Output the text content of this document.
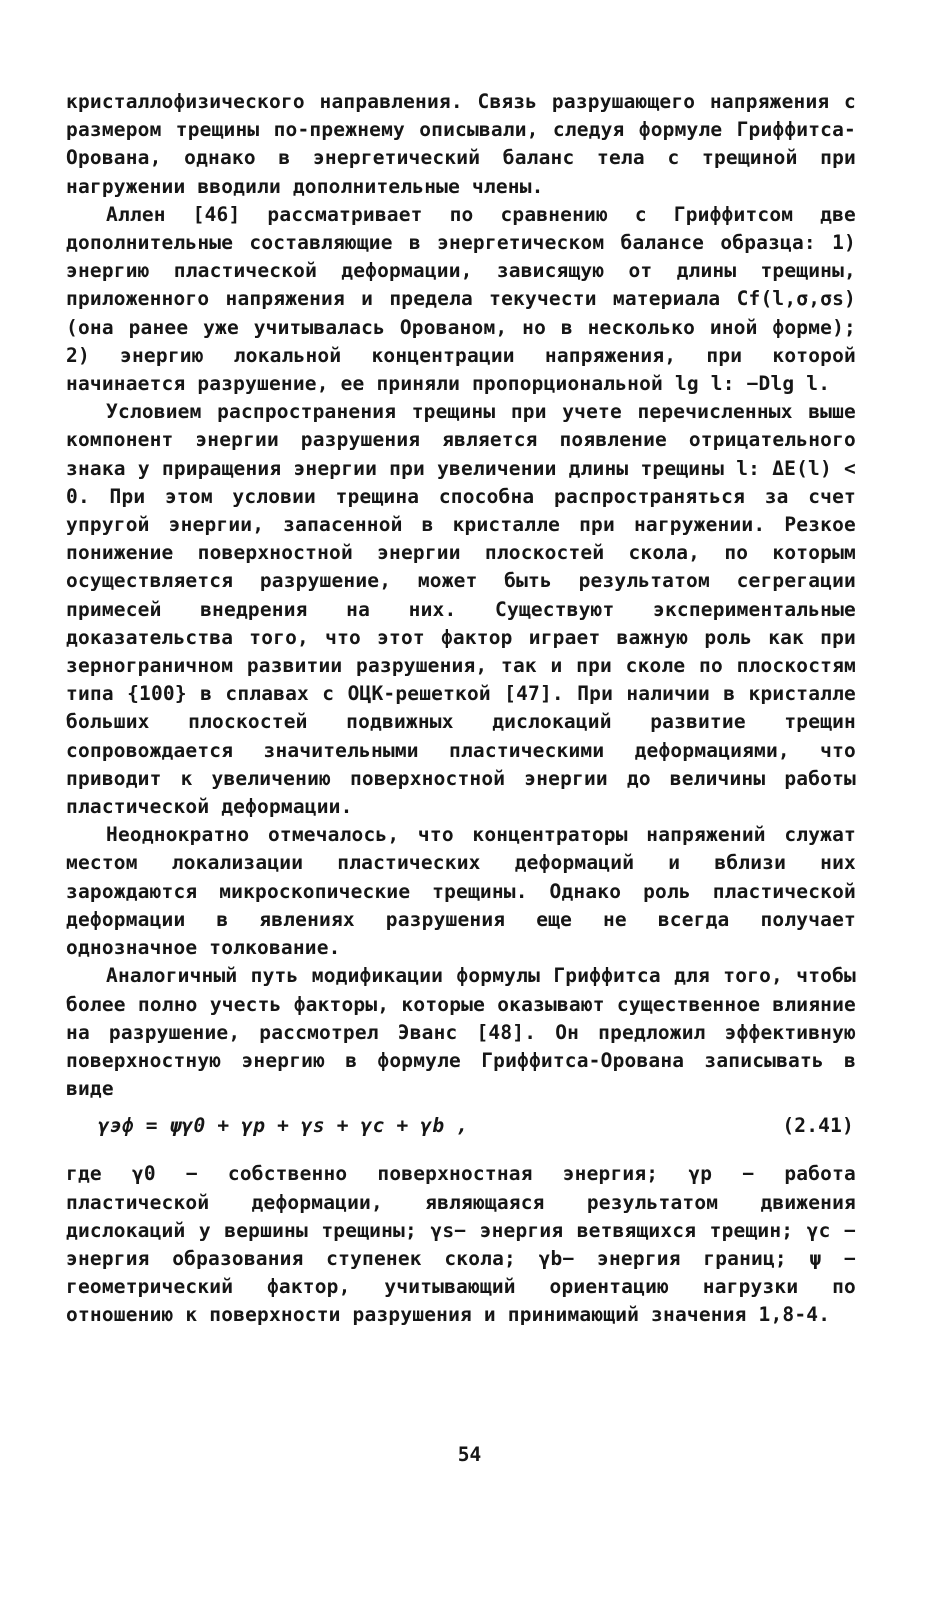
кристаллофизического направления. Связь разрушающего напряжения с размером трещины по-прежнему описывали, следуя формуле Гриффитса-Орована, однако в энергетический баланс тела с трещиной при нагружении вводили дополнительные члены.

Аллен [46] рассматривает по сравнению с Гриффитсом две дополнительные составляющие в энергетическом балансе образца: 1) энергию пластической деформации, зависящую от длины трещины, приложенного напряжения и предела текучести материала Cf(l,σ,σs) (она ранее уже учитывалась Орованом, но в несколько иной форме); 2) энергию локальной концентрации напряжения, при которой начинается разрушение, ее приняли пропорциональной lg l: −Dlg l.

Условием распространения трещины при учете перечисленных выше компонент энергии разрушения является появление отрицательного знака у приращения энергии при увеличении длины трещины l: ΔE(l) < 0. При этом условии трещина способна распространяться за счет упругой энергии, запасенной в кристалле при нагружении. Резкое понижение поверхностной энергии плоскостей скола, по которым осуществляется разрушение, может быть результатом сегрегации примесей внедрения на них. Существуют экспериментальные доказательства того, что этот фактор играет важную роль как при зернограничном развитии разрушения, так и при сколе по плоскостям типа {100} в сплавах с ОЦК-решеткой [47]. При наличии в кристалле больших плоскостей подвижных дислокаций развитие трещин сопровождается значительными пластическими деформациями, что приводит к увеличению поверхностной энергии до величины работы пластической деформации.

Неоднократно отмечалось, что концентраторы напряжений служат местом локализации пластических деформаций и вблизи них зарождаются микроскопические трещины. Однако роль пластической деформации в явлениях разрушения еще не всегда получает однозначное толкование.

Аналогичный путь модификации формулы Гриффитса для того, чтобы более полно учесть факторы, которые оказывают существенное влияние на разрушение, рассмотрел Эванс [48]. Он предложил эффективную поверхностную энергию в формуле Гриффитса-Орована записывать в виде

γэф = ψγ0 + γp + γs + γc + γb ,	(2.41)

где γ0 − собственно поверхностная энергия; γp − работа пластической деформации, являющаяся результатом движения дислокаций у вершины трещины; γs− энергия ветвящихся трещин; γc − энергия образования ступенек скола; γb− энергия границ; ψ − геометрический фактор, учитывающий ориентацию нагрузки по отношению к поверхности разрушения и принимающий значения 1,8-4.

54
